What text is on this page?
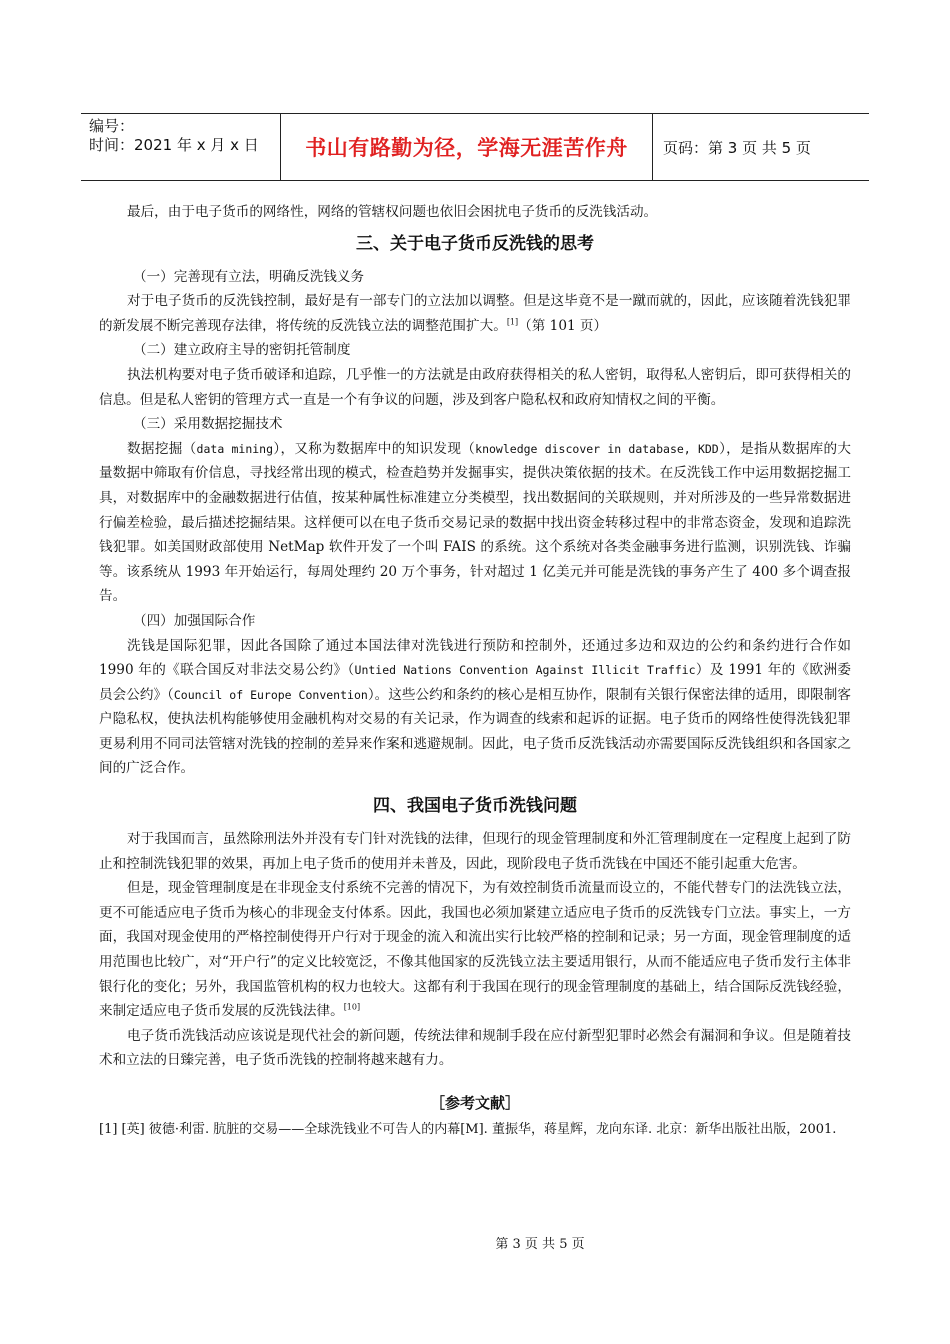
编号：
时间：2021 年 x 月 x 日	书山有路勤为径，学海无涯苦作舟	页码：第 3 页 共 5 页

最后，由于电子货币的网络性，网络的管辖权问题也依旧会困扰电子货币的反洗钱活动。

三、关于电子货币反洗钱的思考

（一）完善现有立法，明确反洗钱义务

对于电子货币的反洗钱控制，最好是有一部专门的立法加以调整。但是这毕竟不是一蹴而就的，因此，应该随着洗钱犯罪的新发展不断完善现存法律，将传统的反洗钱立法的调整范围扩大。[1]（第 101 页）

（二）建立政府主导的密钥托管制度

执法机构要对电子货币破译和追踪，几乎惟一的方法就是由政府获得相关的私人密钥，取得私人密钥后，即可获得相关的信息。但是私人密钥的管理方式一直是一个有争议的问题，涉及到客户隐私权和政府知情权之间的平衡。

（三）采用数据挖掘技术

数据挖掘（data mining），又称为数据库中的知识发现（knowledge discover in database, KDD），是指从数据库的大量数据中筛取有价信息，寻找经常出现的模式，检查趋势并发掘事实，提供决策依据的技术。在反洗钱工作中运用数据挖掘工具，对数据库中的金融数据进行估值，按某种属性标准建立分类模型，找出数据间的关联规则，并对所涉及的一些异常数据进行偏差检验，最后描述挖掘结果。这样便可以在电子货币交易记录的数据中找出资金转移过程中的非常态资金，发现和追踪洗钱犯罪。如美国财政部使用 NetMap 软件开发了一个叫 FAIS 的系统。这个系统对各类金融事务进行监测，识别洗钱、诈骗等。该系统从 1993 年开始运行，每周处理约 20 万个事务，针对超过 1 亿美元并可能是洗钱的事务产生了 400 多个调查报告。

（四）加强国际合作

洗钱是国际犯罪，因此各国除了通过本国法律对洗钱进行预防和控制外，还通过多边和双边的公约和条约进行合作如 1990 年的《联合国反对非法交易公约》（Untied Nations Convention Against Illicit Traffic）及 1991 年的《欧洲委员会公约》（Council of Europe Convention）。这些公约和条约的核心是相互协作，限制有关银行保密法律的适用，即限制客户隐私权，使执法机构能够使用金融机构对交易的有关记录，作为调查的线索和起诉的证据。电子货币的网络性使得洗钱犯罪更易利用不同司法管辖对洗钱的控制的差异来作案和逃避规制。因此，电子货币反洗钱活动亦需要国际反洗钱组织和各国家之间的广泛合作。

四、我国电子货币洗钱问题

对于我国而言，虽然除刑法外并没有专门针对洗钱的法律，但现行的现金管理制度和外汇管理制度在一定程度上起到了防止和控制洗钱犯罪的效果，再加上电子货币的使用并未普及，因此，现阶段电子货币洗钱在中国还不能引起重大危害。

但是，现金管理制度是在非现金支付系统不完善的情况下，为有效控制货币流量而设立的，不能代替专门的法洗钱立法，更不可能适应电子货币为核心的非现金支付体系。因此，我国也必须加紧建立适应电子货币的反洗钱专门立法。事实上，一方面，我国对现金使用的严格控制使得开户行对于现金的流入和流出实行比较严格的控制和记录；另一方面，现金管理制度的适用范围也比较广，对“开户行”的定义比较宽泛，不像其他国家的反洗钱立法主要适用银行，从而不能适应电子货币发行主体非银行化的变化；另外，我国监管机构的权力也较大。这都有利于我国在现行的现金管理制度的基础上，结合国际反洗钱经验，来制定适应电子货币发展的反洗钱法律。[10]

电子货币洗钱活动应该说是现代社会的新问题，传统法律和规制手段在应付新型犯罪时必然会有漏洞和争议。但是随着技术和立法的日臻完善，电子货币洗钱的控制将越来越有力。

［参考文献］

[1] [英] 彼德·利雷. 肮脏的交易——全球洗钱业不可告人的内幕[M]. 董振华，蒋星辉，龙向东译. 北京：新华出版社出版，2001.

第 3 页 共 5 页
